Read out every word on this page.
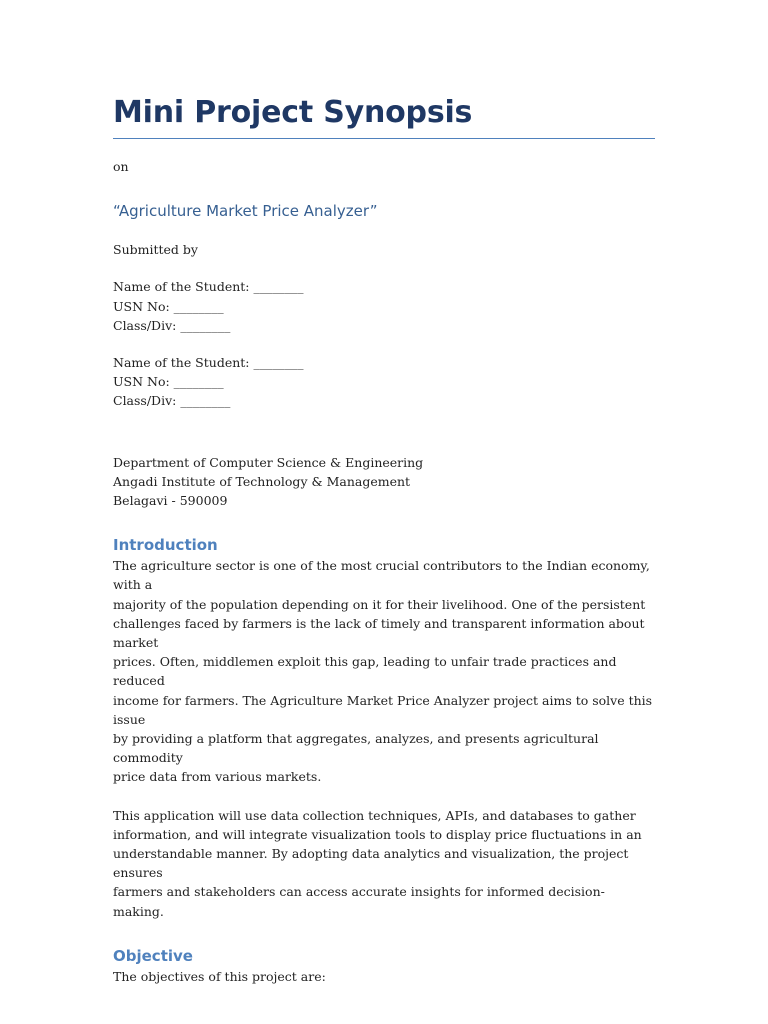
Mini Project Synopsis
on
“Agriculture Market Price Analyzer”
Submitted by
Name of the Student: ________
USN No: ________
Class/Div: ________
Name of the Student: ________
USN No: ________
Class/Div: ________
Department of Computer Science & Engineering
Angadi Institute of Technology & Management
Belagavi - 590009
Introduction

The agriculture sector is one of the most crucial contributors to the Indian economy, with a
majority of the population depending on it for their livelihood. One of the persistent
challenges faced by farmers is the lack of timely and transparent information about market
prices. Often, middlemen exploit this gap, leading to unfair trade practices and reduced
income for farmers. The Agriculture Market Price Analyzer project aims to solve this issue
by providing a platform that aggregates, analyzes, and presents agricultural commodity
price data from various markets.

This application will use data collection techniques, APIs, and databases to gather
information, and will integrate visualization tools to display price fluctuations in an
understandable manner. By adopting data analytics and visualization, the project ensures
farmers and stakeholders can access accurate insights for informed decision-making.

Objective

The objectives of this project are:
